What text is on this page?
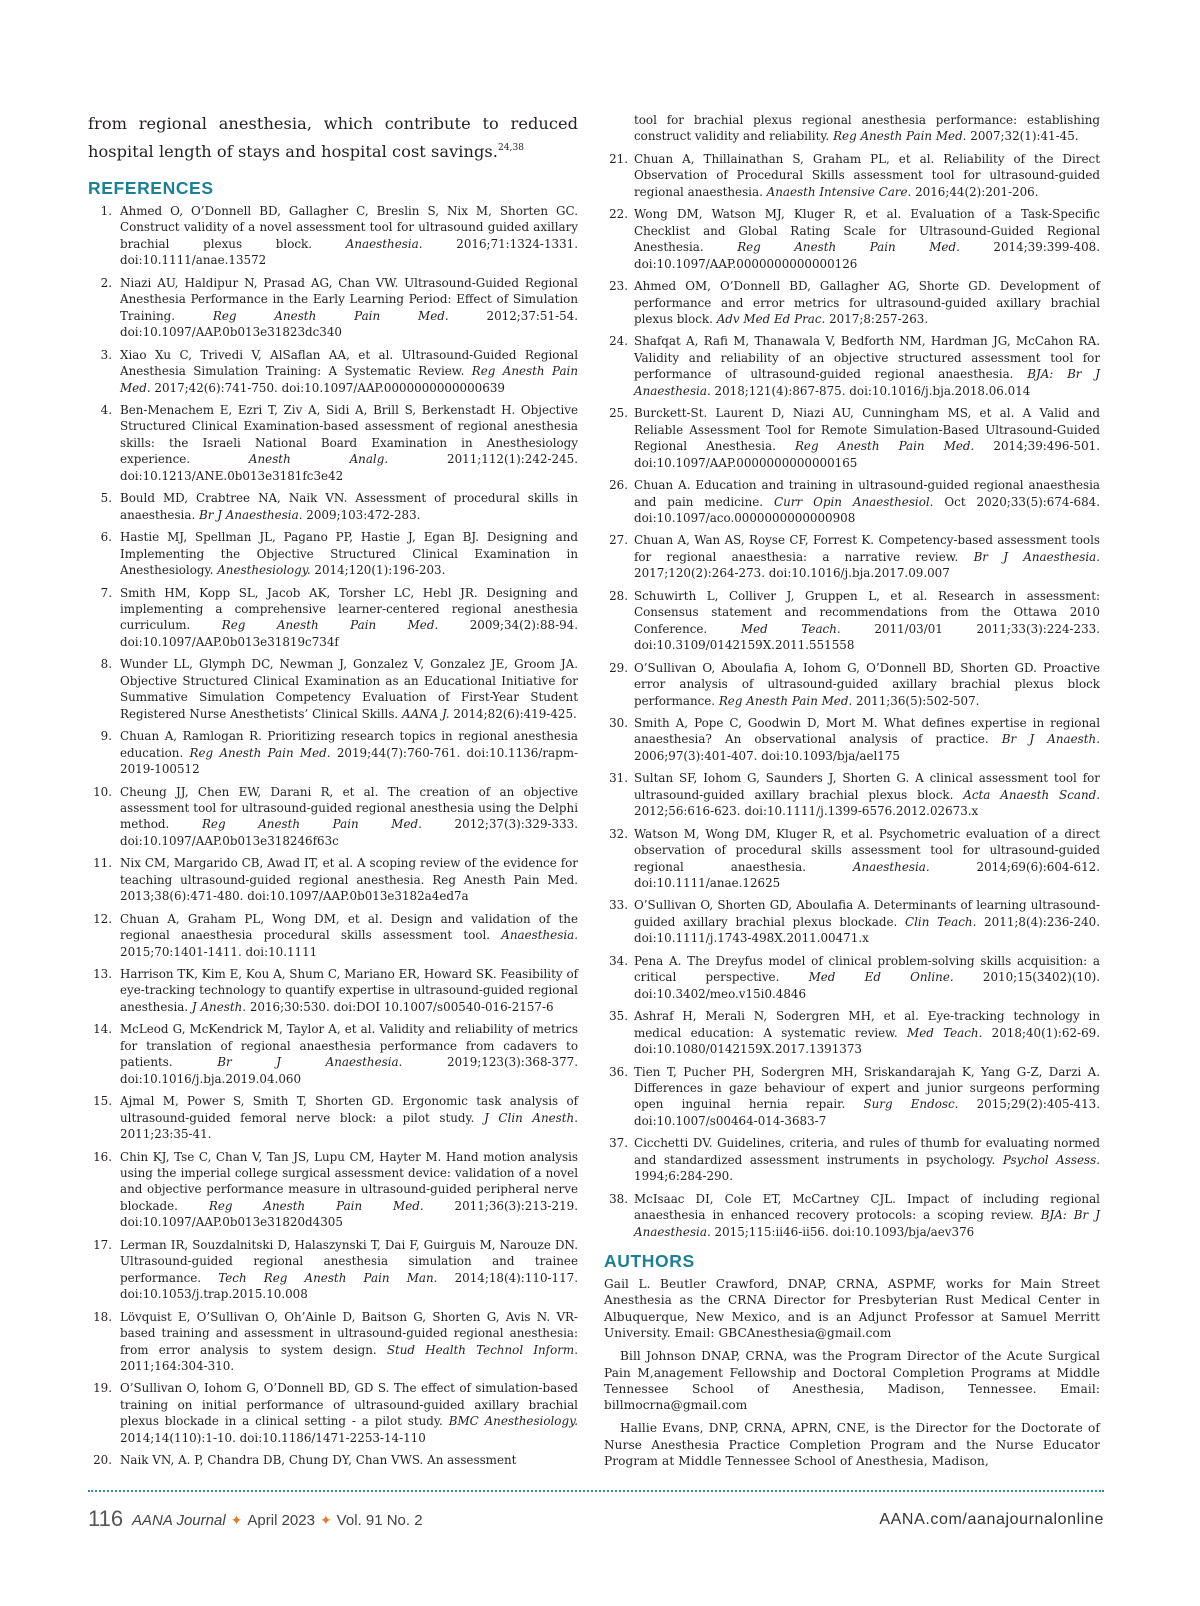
from regional anesthesia, which contribute to reduced hospital length of stays and hospital cost savings.$^{24,38}$

REFERENCES
1. Ahmed O, O’Donnell BD, Gallagher C, Breslin S, Nix M, Shorten GC. Construct validity of a novel assessment tool for ultrasound guided axillary brachial plexus block. Anaesthesia. 2016;71:1324-1331. doi:10.1111/anae.13572
2. Niazi AU, Haldipur N, Prasad AG, Chan VW. Ultrasound-Guided Regional Anesthesia Performance in the Early Learning Period: Effect of Simulation Training. Reg Anesth Pain Med. 2012;37:51-54. doi:10.1097/AAP.0b013e31823dc340
3. Xiao Xu C, Trivedi V, AlSaflan AA, et al. Ultrasound-Guided Regional Anesthesia Simulation Training: A Systematic Review. Reg Anesth Pain Med. 2017;42(6):741-750. doi:10.1097/AAP.0000000000000639
4. Ben-Menachem E, Ezri T, Ziv A, Sidi A, Brill S, Berkenstadt H. Objective Structured Clinical Examination-based assessment of regional anesthesia skills: the Israeli National Board Examination in Anesthesiology experience. Anesth Analg. 2011;112(1):242-245. doi:10.1213/ANE.0b013e3181fc3e42
5. Bould MD, Crabtree NA, Naik VN. Assessment of procedural skills in anaesthesia. Br J Anaesthesia. 2009;103:472-283.
6. Hastie MJ, Spellman JL, Pagano PP, Hastie J, Egan BJ. Designing and Implementing the Objective Structured Clinical Examination in Anesthesiology. Anesthesiology. 2014;120(1):196-203.
7. Smith HM, Kopp SL, Jacob AK, Torsher LC, Hebl JR. Designing and implementing a comprehensive learner-centered regional anesthesia curriculum. Reg Anesth Pain Med. 2009;34(2):88-94. doi:10.1097/AAP.0b013e31819c734f
8. Wunder LL, Glymph DC, Newman J, Gonzalez V, Gonzalez JE, Groom JA. Objective Structured Clinical Examination as an Educational Initiative for Summative Simulation Competency Evaluation of First-Year Student Registered Nurse Anesthetists’ Clinical Skills. AANA J. 2014;82(6):419-425.
9. Chuan A, Ramlogan R. Prioritizing research topics in regional anesthesia education. Reg Anesth Pain Med. 2019;44(7):760-761. doi:10.1136/rapm-2019-100512
10. Cheung JJ, Chen EW, Darani R, et al. The creation of an objective assessment tool for ultrasound-guided regional anesthesia using the Delphi method. Reg Anesth Pain Med. 2012;37(3):329-333. doi:10.1097/AAP.0b013e318246f63c
11. Nix CM, Margarido CB, Awad IT, et al. A scoping review of the evidence for teaching ultrasound-guided regional anesthesia. Reg Anesth Pain Med. 2013;38(6):471-480. doi:10.1097/AAP.0b013e3182a4ed7a
12. Chuan A, Graham PL, Wong DM, et al. Design and validation of the regional anaesthesia procedural skills assessment tool. Anaesthesia. 2015;70:1401-1411. doi:10.1111
13. Harrison TK, Kim E, Kou A, Shum C, Mariano ER, Howard SK. Feasibility of eye-tracking technology to quantify expertise in ultrasound-guided regional anesthesia. J Anesth. 2016;30:530. doi:DOI 10.1007/s00540-016-2157-6
14. McLeod G, McKendrick M, Taylor A, et al. Validity and reliability of metrics for translation of regional anaesthesia performance from cadavers to patients. Br J Anaesthesia. 2019;123(3):368-377. doi:10.1016/j.bja.2019.04.060
15. Ajmal M, Power S, Smith T, Shorten GD. Ergonomic task analysis of ultrasound-guided femoral nerve block: a pilot study. J Clin Anesth. 2011;23:35-41.
16. Chin KJ, Tse C, Chan V, Tan JS, Lupu CM, Hayter M. Hand motion analysis using the imperial college surgical assessment device: validation of a novel and objective performance measure in ultrasound-guided peripheral nerve blockade. Reg Anesth Pain Med. 2011;36(3):213-219. doi:10.1097/AAP.0b013e31820d4305
17. Lerman IR, Souzdalnitski D, Halaszynski T, Dai F, Guirguis M, Narouze DN. Ultrasound-guided regional anesthesia simulation and trainee performance. Tech Reg Anesth Pain Man. 2014;18(4):110-117. doi:10.1053/j.trap.2015.10.008
18. Lövquist E, O’Sullivan O, Oh’Ainle D, Baitson G, Shorten G, Avis N. VR-based training and assessment in ultrasound-guided regional anesthesia: from error analysis to system design. Stud Health Technol Inform. 2011;164:304-310.
19. O’Sullivan O, Iohom G, O’Donnell BD, GD S. The effect of simulation-based training on initial performance of ultrasound-guided axillary brachial plexus blockade in a clinical setting - a pilot study. BMC Anesthesiology. 2014;14(110):1-10. doi:10.1186/1471-2253-14-110
20. Naik VN, A. P, Chandra DB, Chung DY, Chan VWS. An assessment
tool for brachial plexus regional anesthesia performance: establishing construct validity and reliability. Reg Anesth Pain Med. 2007;32(1):41-45.
21. Chuan A, Thillainathan S, Graham PL, et al. Reliability of the Direct Observation of Procedural Skills assessment tool for ultrasound-guided regional anaesthesia. Anaesth Intensive Care. 2016;44(2):201-206.
22. Wong DM, Watson MJ, Kluger R, et al. Evaluation of a Task-Specific Checklist and Global Rating Scale for Ultrasound-Guided Regional Anesthesia. Reg Anesth Pain Med. 2014;39:399-408. doi:10.1097/AAP.0000000000000126
23. Ahmed OM, O’Donnell BD, Gallagher AG, Shorte GD. Development of performance and error metrics for ultrasound-guided axillary brachial plexus block. Adv Med Ed Prac. 2017;8:257-263.
24. Shafqat A, Rafi M, Thanawala V, Bedforth NM, Hardman JG, McCahon RA. Validity and reliability of an objective structured assessment tool for performance of ultrasound-guided regional anaesthesia. BJA: Br J Anaesthesia. 2018;121(4):867-875. doi:10.1016/j.bja.2018.06.014
25. Burckett-St. Laurent D, Niazi AU, Cunningham MS, et al. A Valid and Reliable Assessment Tool for Remote Simulation-Based Ultrasound-Guided Regional Anesthesia. Reg Anesth Pain Med. 2014;39:496-501. doi:10.1097/AAP.0000000000000165
26. Chuan A. Education and training in ultrasound-guided regional anaesthesia and pain medicine. Curr Opin Anaesthesiol. Oct 2020;33(5):674-684. doi:10.1097/aco.0000000000000908
27. Chuan A, Wan AS, Royse CF, Forrest K. Competency-based assessment tools for regional anaesthesia: a narrative review. Br J Anaesthesia. 2017;120(2):264-273. doi:10.1016/j.bja.2017.09.007
28. Schuwirth L, Colliver J, Gruppen L, et al. Research in assessment: Consensus statement and recommendations from the Ottawa 2010 Conference. Med Teach. 2011/03/01 2011;33(3):224-233. doi:10.3109/0142159X.2011.551558
29. O’Sullivan O, Aboulafia A, Iohom G, O’Donnell BD, Shorten GD. Proactive error analysis of ultrasound-guided axillary brachial plexus block performance. Reg Anesth Pain Med. 2011;36(5):502-507.
30. Smith A, Pope C, Goodwin D, Mort M. What defines expertise in regional anaesthesia? An observational analysis of practice. Br J Anaesth. 2006;97(3):401-407. doi:10.1093/bja/ael175
31. Sultan SF, Iohom G, Saunders J, Shorten G. A clinical assessment tool for ultrasound-guided axillary brachial plexus block. Acta Anaesth Scand. 2012;56:616-623. doi:10.1111/j.1399-6576.2012.02673.x
32. Watson M, Wong DM, Kluger R, et al. Psychometric evaluation of a direct observation of procedural skills assessment tool for ultrasound-guided regional anaesthesia. Anaesthesia. 2014;69(6):604-612. doi:10.1111/anae.12625
33. O’Sullivan O, Shorten GD, Aboulafia A. Determinants of learning ultrasound-guided axillary brachial plexus blockade. Clin Teach. 2011;8(4):236-240. doi:10.1111/j.1743-498X.2011.00471.x
34. Pena A. The Dreyfus model of clinical problem-solving skills acquisition: a critical perspective. Med Ed Online. 2010;15(3402)(10). doi:10.3402/meo.v15i0.4846
35. Ashraf H, Merali N, Sodergren MH, et al. Eye-tracking technology in medical education: A systematic review. Med Teach. 2018;40(1):62-69. doi:10.1080/0142159X.2017.1391373
36. Tien T, Pucher PH, Sodergren MH, Sriskandarajah K, Yang G-Z, Darzi A. Differences in gaze behaviour of expert and junior surgeons performing open inguinal hernia repair. Surg Endosc. 2015;29(2):405-413. doi:10.1007/s00464-014-3683-7
37. Cicchetti DV. Guidelines, criteria, and rules of thumb for evaluating normed and standardized assessment instruments in psychology. Psychol Assess. 1994;6:284-290.
38. McIsaac DI, Cole ET, McCartney CJL. Impact of including regional anaesthesia in enhanced recovery protocols: a scoping review. BJA: Br J Anaesthesia. 2015;115:ii46-ii56. doi:10.1093/bja/aev376
AUTHORS

Gail L. Beutler Crawford, DNAP, CRNA, ASPMF, works for Main Street Anesthesia as the CRNA Director for Presbyterian Rust Medical Center in Albuquerque, New Mexico, and is an Adjunct Professor at Samuel Merritt University. Email: GBCAnesthesia@gmail.com

Bill Johnson DNAP, CRNA, was the Program Director of the Acute Surgical Pain M,anagement Fellowship and Doctoral Completion Programs at Middle Tennessee School of Anesthesia, Madison, Tennessee. Email: billmocrna@gmail.com

Hallie Evans, DNP, CRNA, APRN, CNE, is the Director for the Doctorate of Nurse Anesthesia Practice Completion Program and the Nurse Educator Program at Middle Tennessee School of Anesthesia, Madison,

116 AANA Journal ✦ April 2023 ✦ Vol. 91 No. 2	AANA.com/aanajournalonline
